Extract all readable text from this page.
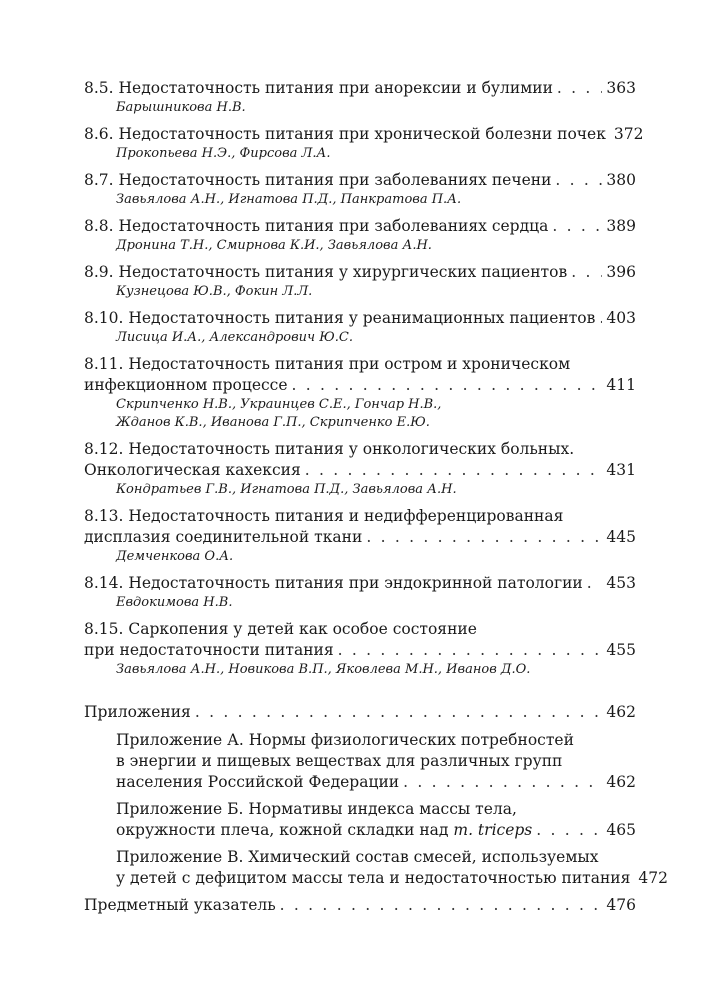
8.5. Недостаточность питания при анорексии и булимии . . .	363
Барышникова Н.В.
8.6. Недостаточность питания при хронической болезни почек 372
Прокопьева Н.Э., Фирсова Л.А.
8.7. Недостаточность питания при заболеваниях печени . . .	380
Завьялова А.Н., Игнатова П.Д., Панкратова П.А.
8.8. Недостаточность питания при заболеваниях сердца . . .	389
Дронина Т.Н., Смирнова К.И., Завьялова А.Н.
8.9. Недостаточность питания у хирургических пациентов . . .	396
Кузнецова Ю.В., Фокин Л.Л.
8.10. Недостаточность питания у реанимационных пациентов . . . 403
Лисица И.А., Александрович Ю.С.
8.11. Недостаточность питания при остром и хроническом
инфекционном процессе . . .	411
Скрипченко Н.В., Украинцев С.Е., Гончар Н.В.,
Жданов К.В., Иванова Г.П., Скрипченко Е.Ю.
8.12. Недостаточность питания у онкологических больных.
Онкологическая кахексия . . .	431
Кондратьев Г.В., Игнатова П.Д., Завьялова А.Н.
8.13. Недостаточность питания и недифференцированная
дисплазия соединительной ткани . . .	445
Демченкова О.А.
8.14. Недостаточность питания при эндокринной патологии . . . 453
Евдокимова Н.В.
8.15. Саркопения у детей как особое состояние
при недостаточности питания . . .	455
Завьялова А.Н., Новикова В.П., Яковлева М.Н., Иванов Д.О.
Приложения . . .	462
Приложение А. Нормы физиологических потребностей
в энергии и пищевых веществах для различных групп
населения Российской Федерации . . .	462
Приложение Б. Нормативы индекса массы тела,
окружности плеча, кожной складки над m. triceps . . .	465
Приложение В. Химический состав смесей, используемых
у детей с дефицитом массы тела и недостаточностью питания 472
Предметный указатель . . .	476
